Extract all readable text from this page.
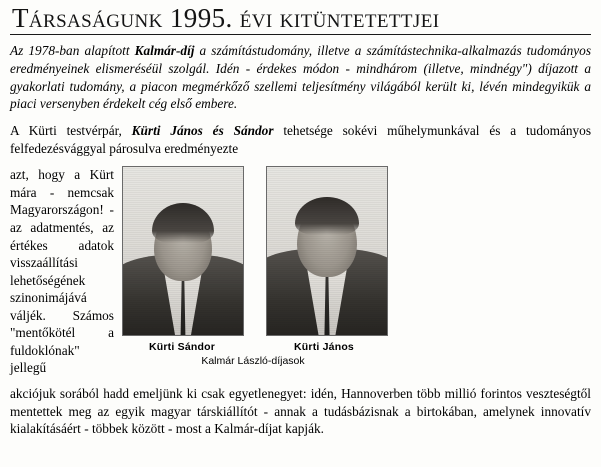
Társaságunk 1995. évi kitüntetettjei

Az 1978-ban alapított Kalmár-díj a számítástudomány, illetve a számítástechnika-alkalmazás tudományos eredményeinek elismeréséül szolgál. Idén - érdekes módon - mindhárom (illetve, mindnégy") díjazott a gyakorlati tudomány, a piacon megmérkőző szellemi teljesítmény világából került ki, lévén mindegyikük a piaci versenyben érdekelt cég első embere.

A Kürti testvérpár, Kürti János és Sándor tehetsége sokévi műhelymunkával és a tudományos felfedezésvággyal párosulva eredményezte

azt, hogy a Kürt mára - nemcsak Magyarországon! - az adatmentés, az értékes adatok visszaállítási lehetőségének szinonimájává váljék. Számos "mentőkötél a fuldoklónak" jellegű
Kürti Sándor	Kürti János
Kalmár László-díjasok

akciójuk sorából hadd emeljünk ki csak egyetlenegyet: idén, Hannoverben több millió forintos veszteségtől mentettek meg az egyik magyar társkiállítót - annak a tudásbázisnak a birtokában, amelynek innovatív kialakításáért - többek között - most a Kalmár-díjat kapják.
